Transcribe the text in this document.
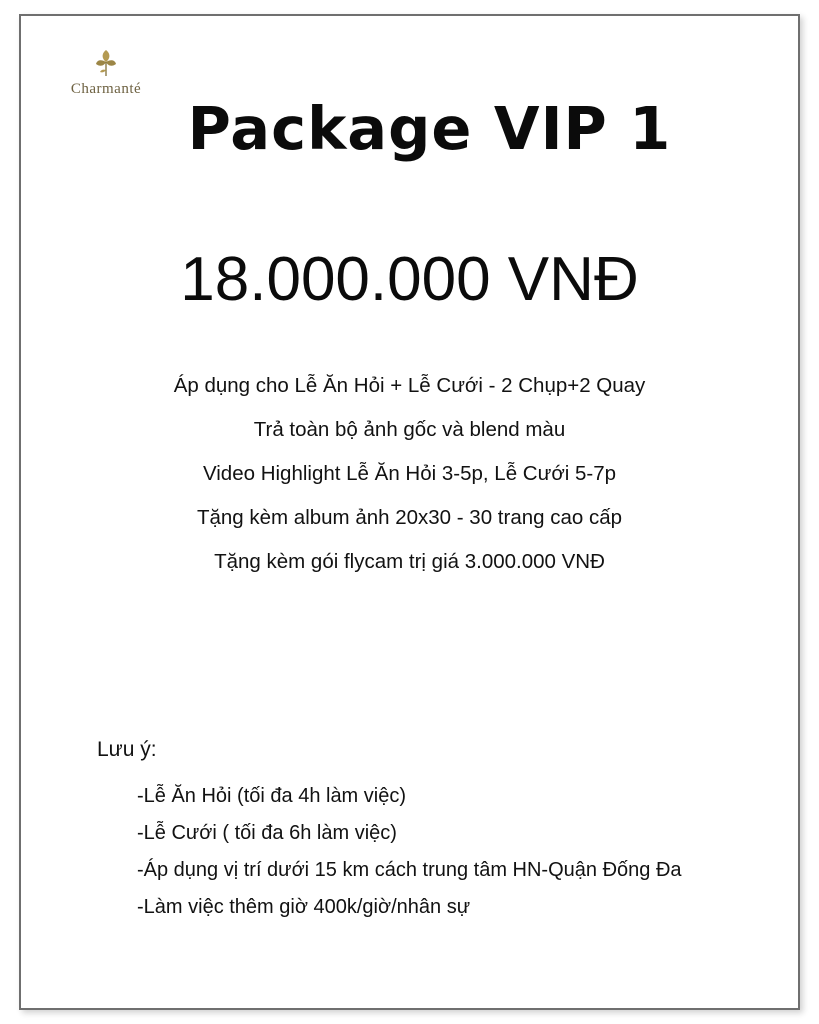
Charmanté
Package VIP 1
18.000.000 VNĐ
Áp dụng cho Lễ Ăn Hỏi + Lễ Cưới - 2 Chụp+2 Quay
Trả toàn bộ ảnh gốc và blend màu
Video Highlight Lễ Ăn Hỏi 3-5p, Lễ Cưới 5-7p
Tặng kèm album ảnh 20x30 - 30 trang cao cấp
Tặng kèm gói flycam trị giá 3.000.000 VNĐ
Lưu ý:
-Lễ Ăn Hỏi (tối đa 4h làm việc)
-Lễ Cưới ( tối đa 6h làm việc)
-Áp dụng vị trí dưới 15 km cách trung tâm HN-Quận Đống Đa
-Làm việc thêm giờ 400k/giờ/nhân sự
